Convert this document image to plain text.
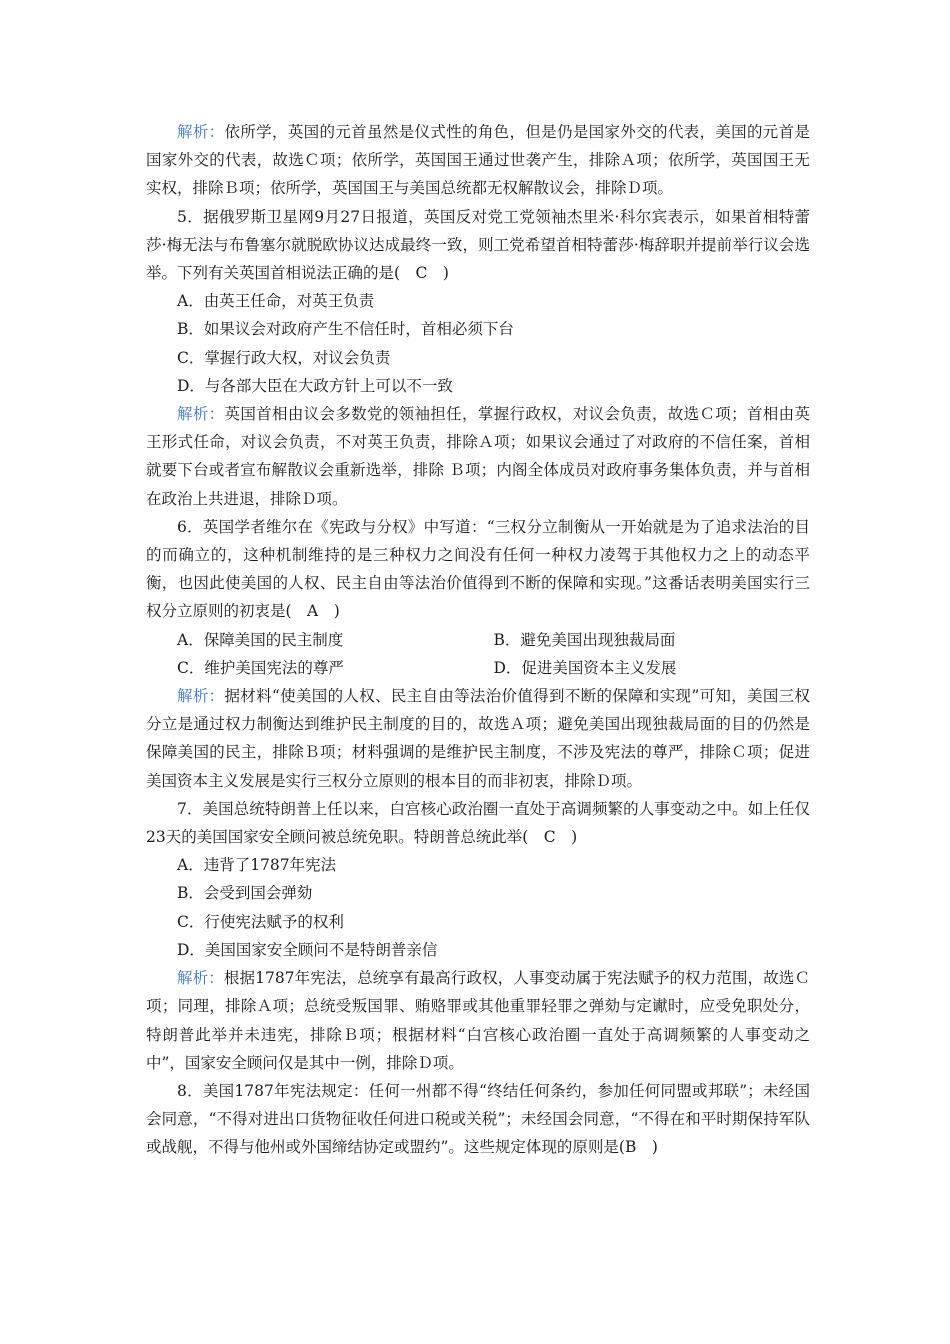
解析：依所学，英国的元首虽然是仪式性的角色，但是仍是国家外交的代表，美国的元首是国家外交的代表，故选Ｃ项；依所学，英国国王通过世袭产生，排除Ａ项；依所学，英国国王无实权，排除Ｂ项；依所学，英国国王与美国总统都无权解散议会，排除Ｄ项。

5．据俄罗斯卫星网9月27日报道，英国反对党工党领袖杰里米·科尔宾表示，如果首相特蕾莎·梅无法与布鲁塞尔就脱欧协议达成最终一致，则工党希望首相特蕾莎·梅辞职并提前举行议会选举。下列有关英国首相说法正确的是(　C　)

A．由英王任命，对英王负责

B．如果议会对政府产生不信任时，首相必须下台

C．掌握行政大权，对议会负责

D．与各部大臣在大政方针上可以不一致

解析：英国首相由议会多数党的领袖担任，掌握行政权，对议会负责，故选Ｃ项；首相由英王形式任命，对议会负责，不对英王负责，排除Ａ项；如果议会通过了对政府的不信任案，首相就要下台或者宣布解散议会重新选举，排除 Ｂ项；内阁全体成员对政府事务集体负责，并与首相在政治上共进退，排除Ｄ项。

6．英国学者维尔在《宪政与分权》中写道：“三权分立制衡从一开始就是为了追求法治的目的而确立的，这种机制维持的是三种权力之间没有任何一种权力凌驾于其他权力之上的动态平衡，也因此使美国的人权、民主自由等法治价值得到不断的保障和实现。”这番话表明美国实行三权分立原则的初衷是(　A　)

A．保障美国的民主制度	B．避免美国出现独裁局面
C．维护美国宪法的尊严	D．促进美国资本主义发展

解析：据材料“使美国的人权、民主自由等法治价值得到不断的保障和实现”可知，美国三权分立是通过权力制衡达到维护民主制度的目的，故选Ａ项；避免美国出现独裁局面的目的仍然是保障美国的民主，排除Ｂ项；材料强调的是维护民主制度，不涉及宪法的尊严，排除Ｃ项；促进美国资本主义发展是实行三权分立原则的根本目的而非初衷，排除Ｄ项。

7．美国总统特朗普上任以来，白宫核心政治圈一直处于高调频繁的人事变动之中。如上任仅23天的美国国家安全顾问被总统免职。特朗普总统此举(　C　)

A．违背了1787年宪法

B．会受到国会弹劾

C．行使宪法赋予的权利

D．美国国家安全顾问不是特朗普亲信

解析：根据1787年宪法，总统享有最高行政权，人事变动属于宪法赋予的权力范围，故选Ｃ项；同理，排除Ａ项；总统受叛国罪、贿赂罪或其他重罪轻罪之弹劾与定谳时，应受免职处分，特朗普此举并未违宪，排除Ｂ项；根据材料“白宫核心政治圈一直处于高调频繁的人事变动之中”，国家安全顾问仅是其中一例，排除Ｄ项。

8．美国1787年宪法规定：任何一州都不得“终结任何条约，参加任何同盟或邦联”；未经国会同意，“不得对进出口货物征收任何进口税或关税”；未经国会同意，“不得在和平时期保持军队或战舰，不得与他州或外国缔结协定或盟约”。这些规定体现的原则是(B　)
